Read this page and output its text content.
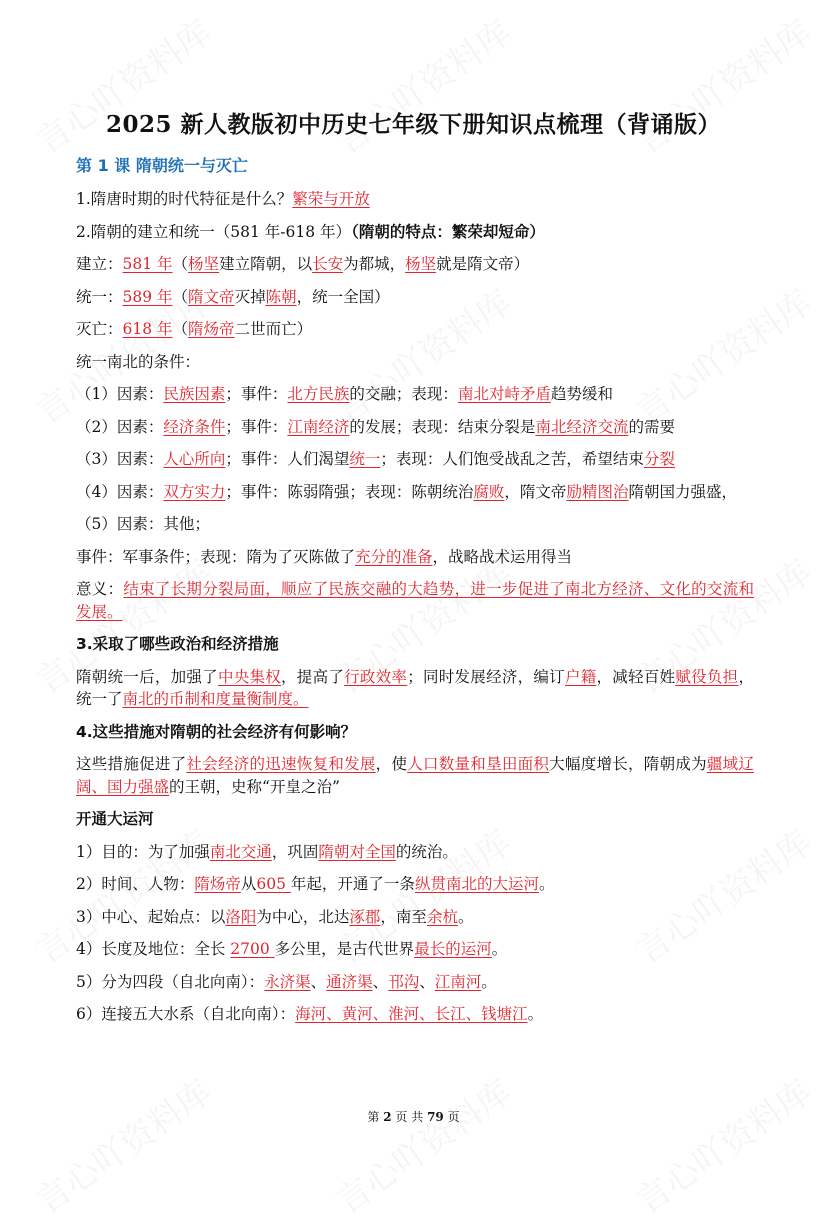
2025 新人教版初中历史七年级下册知识点梳理（背诵版）
第 1 课 隋朝统一与灭亡
1.隋唐时期的时代特征是什么？繁荣与开放
2.隋朝的建立和统一（581 年-618 年）（隋朝的特点：繁荣却短命）
建立：581 年（杨坚建立隋朝，以长安为都城，杨坚就是隋文帝）
统一：589 年（隋文帝灭掉陈朝，统一全国）
灭亡：618 年（隋炀帝二世而亡）
统一南北的条件：
（1）因素：民族因素；事件：北方民族的交融；表现：南北对峙矛盾趋势缓和
（2）因素：经济条件；事件：江南经济的发展；表现：结束分裂是南北经济交流的需要
（3）因素：人心所向；事件：人们渴望统一；表现：人们饱受战乱之苦，希望结束分裂
（4）因素：双方实力；事件：陈弱隋强；表现：陈朝统治腐败，隋文帝励精图治隋朝国力强盛，
（5）因素：其他；
事件：军事条件；表现：隋为了灭陈做了充分的准备，战略战术运用得当
意义：结束了长期分裂局面，顺应了民族交融的大趋势，进一步促进了南北方经济、文化的交流和发展。
3.采取了哪些政治和经济措施
隋朝统一后，加强了中央集权，提高了行政效率；同时发展经济，编订户籍，减轻百姓赋役负担，统一了南北的币制和度量衡制度。
4.这些措施对隋朝的社会经济有何影响？
这些措施促进了社会经济的迅速恢复和发展，使人口数量和垦田面积大幅度增长，隋朝成为疆域辽阔、国力强盛的王朝，史称“开皇之治”
开通大运河
1）目的：为了加强南北交通，巩固隋朝对全国的统治。
2）时间、人物：隋炀帝从605 年起，开通了一条纵贯南北的大运河。
3）中心、起始点：以洛阳为中心，北达涿郡，南至余杭。
4）长度及地位：全长 2700 多公里，是古代世界最长的运河。
5）分为四段（自北向南）：永济渠、通济渠、邗沟、江南河。
6）连接五大水系（自北向南）：海河、黄河、淮河、长江、钱塘江。
第 2 页 共 79 页
